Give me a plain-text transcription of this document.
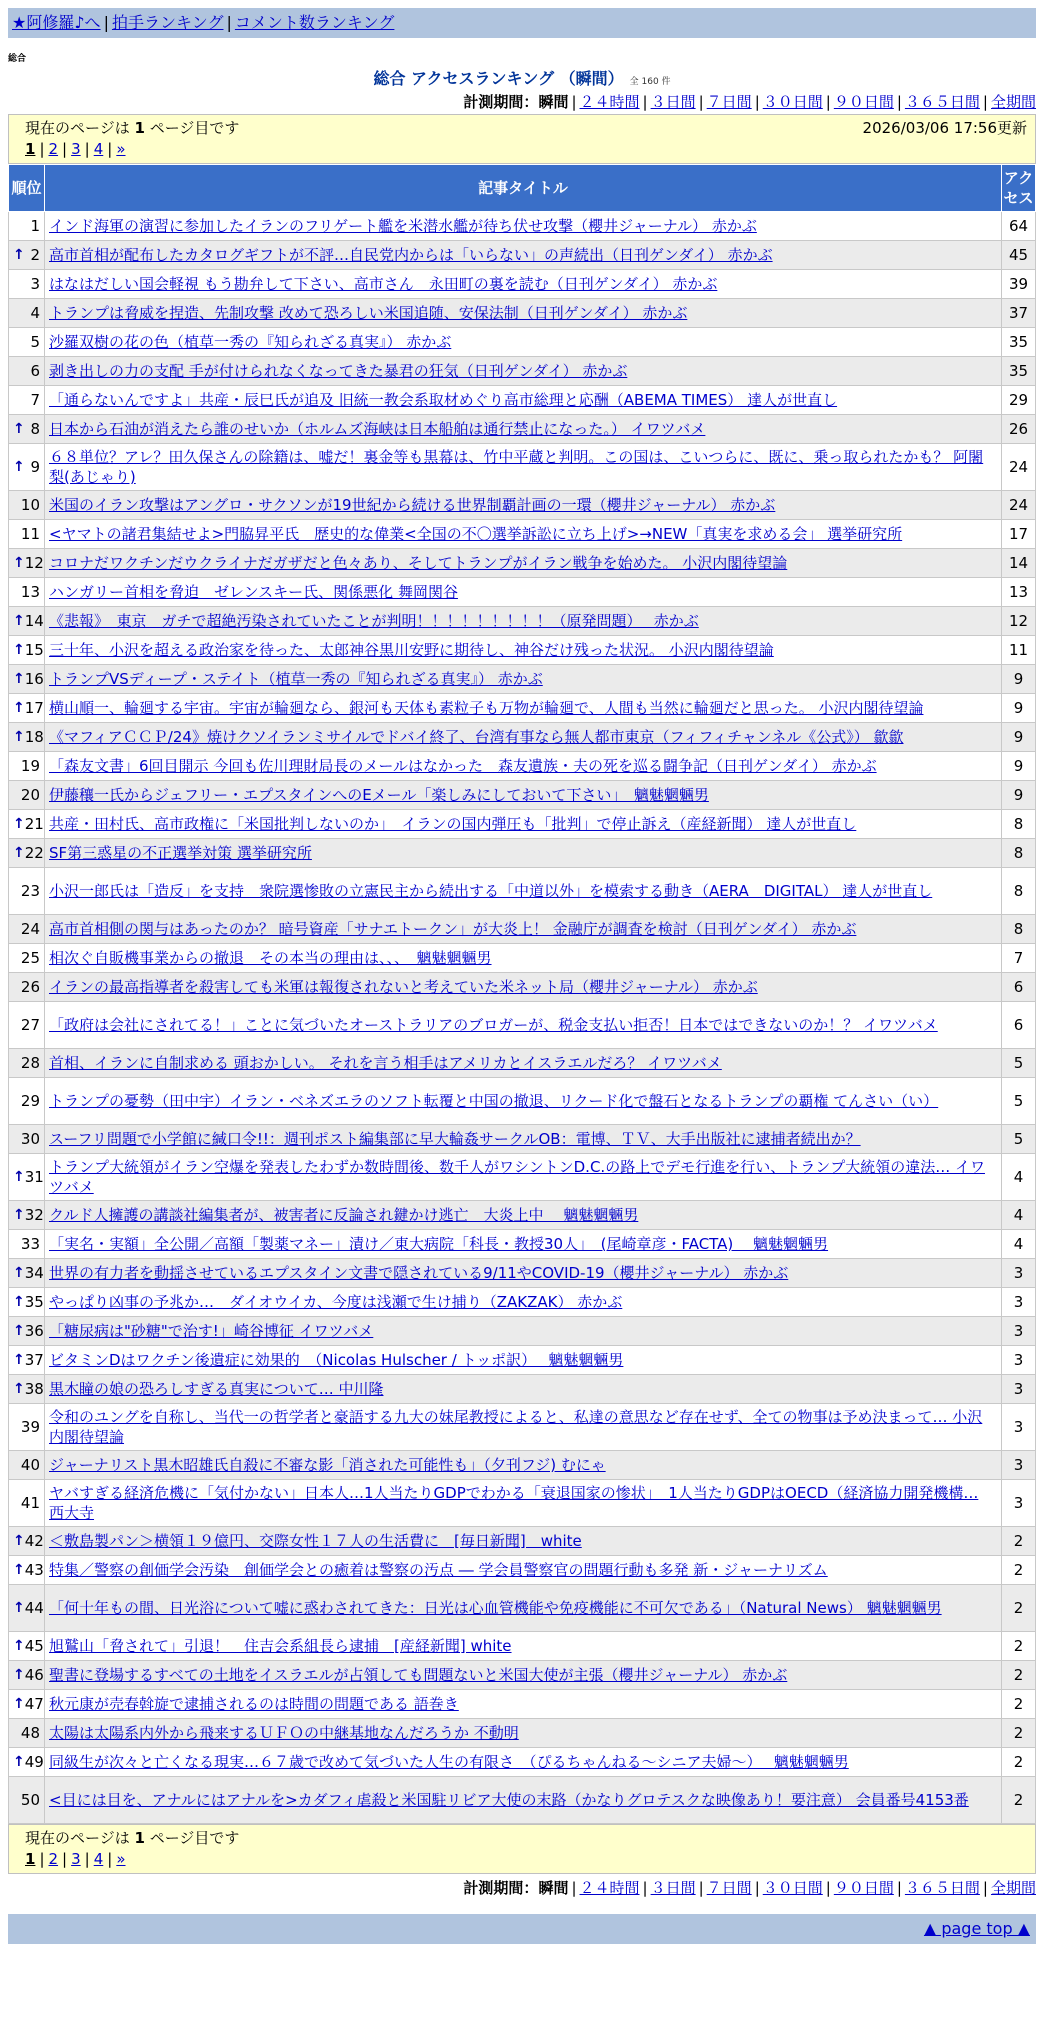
★阿修羅♪へ | 拍手ランキング | コメント数ランキング
総合
総合 アクセスランキング （瞬間） 全 160 件
計測期間：瞬間 | ２４時間 | ３日間 | ７日間 | ３０日間 | ９０日間 | ３６５日間 | 全期間
現在のページは 1 ページ目です	2026/03/06 17:56更新
1 | 2 | 3 | 4 | »
順位	記事タイトル	アクセス
1	インド海軍の演習に参加したイランのフリゲート艦を米潜水艦が待ち伏せ攻撃（櫻井ジャーナル） 赤かぶ	64

↑ 2	高市首相が配布したカタログギフトが不評…自民党内からは「いらない」の声続出（日刊ゲンダイ） 赤かぶ	45
3	はなはだしい国会軽視 もう勘弁して下さい、高市さん　永田町の裏を読む（日刊ゲンダイ） 赤かぶ	39
4	トランプは脅威を捏造、先制攻撃 改めて恐ろしい米国追随、安保法制（日刊ゲンダイ） 赤かぶ	37
5	沙羅双樹の花の色（植草一秀の『知られざる真実』） 赤かぶ	35
6	剥き出しの力の支配 手が付けられなくなってきた暴君の狂気（日刊ゲンダイ） 赤かぶ	35
7	「通らないんですよ」共産・辰巳氏が追及 旧統一教会系取材めぐり高市総理と応酬（ABEMA TIMES） 達人が世直し	29

↑ 8	日本から石油が消えたら誰のせいか（ホルムズ海峡は日本船舶は通行禁止になった。） イワツバメ	26

↑ 9	６８単位？アレ？田久保さんの除籍は、嘘だ！裏金等も黒幕は、竹中平蔵と判明。この国は、こいつらに、既に、乗っ取られたかも？ 阿闍梨(あじゃり)	24
10	米国のイラン攻撃はアングロ・サクソンが19世紀から続ける世界制覇計画の一環（櫻井ジャーナル） 赤かぶ	24
11	<ヤマトの諸君集結せよ>門脇昇平氏　歴史的な偉業<全国の不〇選挙訴訟に立ち上げ>→NEW「真実を求める会」 選挙研究所	17

↑ 12	コロナだワクチンだウクライナだガザだと色々あり、そしてトランプがイラン戦争を始めた。 小沢内閣待望論	14
13	ハンガリー首相を脅迫　ゼレンスキー氏、関係悪化 舞岡関谷	13

↑ 14	《悲報》　東京　ガチで超絶汚染されていたことが判明！！！！！！！！！（原発問題）　 赤かぶ	12

↑ 15	三十年、小沢を超える政治家を待った、太郎神谷黒川安野に期待し、神谷だけ残った状況。 小沢内閣待望論	11

↑ 16	トランプVSディープ・ステイト（植草一秀の『知られざる真実』） 赤かぶ	9

↑ 17	横山順一、輪廻する宇宙。宇宙が輪廻なら、銀河も天体も素粒子も万物が輪廻で、人間も当然に輪廻だと思った。 小沢内閣待望論	9

↑ 18	《マフィアＣＣＰ/24》焼けクソイランミサイルでドバイ終了、台湾有事なら無人都市東京（フィフィチャンネル《公式》） 歙歙	9
19	「森友文書」6回目開示 今回も佐川理財局長のメールはなかった　森友遺族・夫の死を巡る闘争記（日刊ゲンダイ） 赤かぶ	9
20	伊藤穰一氏からジェフリー・エプスタインへのEメール「楽しみにしておいて下さい」　魑魅魍魎男	9

↑ 21	共産・田村氏、高市政権に「米国批判しないのか」　イランの国内弾圧も「批判」で停止訴え（産経新聞） 達人が世直し	8

↑ 22	SF第三惑星の不正選挙対策 選挙研究所	8
23	小沢一郎氏は「造反」を支持　衆院選惨敗の立憲民主から続出する「中道以外」を模索する動き（AERA　DIGITAL） 達人が世直し	8
24	高市首相側の関与はあったのか？ 暗号資産「サナエトークン」が大炎上！ 金融庁が調査を検討（日刊ゲンダイ） 赤かぶ	8
25	相次ぐ自販機事業からの撤退　その本当の理由は、、、　魑魅魍魎男	7
26	イランの最高指導者を殺害しても米軍は報復されないと考えていた米ネット局（櫻井ジャーナル） 赤かぶ	6
27	「政府は会社にされてる！」ことに気づいたオーストラリアのブロガーが、税金支払い拒否！日本ではできないのか！？ イワツバメ	6
28	首相、イランに自制求める 頭おかしい。 それを言う相手はアメリカとイスラエルだろ？ イワツバメ	5
29	トランプの憂勢（田中宇）イラン・ベネズエラのソフト転覆と中国の撤退、リクード化で盤石となるトランプの覇権 てんさい（い）	5
30	スーフリ問題で小学館に緘口令!!：週刊ポスト編集部に早大輪姦サークルOB：電博、ＴＶ、大手出版社に逮捕者続出か？	5

↑ 31	トランプ大統領がイラン空爆を発表したわずか数時間後、数千人がワシントンD.C.の路上でデモ行進を行い、トランプ大統領の違法… イワツバメ	4

↑ 32	クルド人擁護の講談社編集者が、被害者に反論され鍵かけ逃亡　大炎上中　 魑魅魍魎男	4
33	「実名・実額」全公開／高額「製薬マネー」漬け／東大病院「科長・教授30人」　(尾崎章彦・FACTA)　 魑魅魍魎男	4

↑ 34	世界の有力者を動揺させているエプスタイン文書で隠されている9/11やCOVID-19（櫻井ジャーナル） 赤かぶ	3

↑ 35	やっぱり凶事の予兆か…　ダイオウイカ、今度は浅瀬で生け捕り（ZAKZAK） 赤かぶ	3

↑ 36	「糖尿病は"砂糖"で治す!」崎谷博征 イワツバメ	3

↑ 37	ビタミンDはワクチン後遺症に効果的　（Nicolas Hulscher / トッポ訳）　 魑魅魍魎男	3

↑ 38	黒木瞳の娘の恐ろしすぎる真実について… 中川隆	3
39	令和のユングを自称し、当代一の哲学者と豪語する九大の妹尾教授によると、私達の意思など存在せず、全ての物事は予め決まって… 小沢内閣待望論	3
40	ジャーナリスト黒木昭雄氏自殺に不審な影「消された可能性も」（夕刊フジ) むにゃ	3
41	ヤバすぎる経済危機に「気付かない」日本人…1人当たりGDPでわかる「衰退国家の惨状」　1人当たりGDPはOECD（経済協力開発機構… 西大寺	3

↑ 42	＜敷島製パン＞横領１９億円、交際女性１７人の生活費に　[毎日新聞]　white	2

↑ 43	特集／警察の創価学会汚染　創価学会との癒着は警察の汚点 ― 学会員警察官の問題行動も多発 新・ジャーナリズム	2

↑ 44	「何十年もの間、日光浴について嘘に惑わされてきた：日光は心血管機能や免疫機能に不可欠である」（Natural News） 魑魅魍魎男	2

↑ 45	旭鷲山「脅されて」引退！　住吉会系組長ら逮捕　[産経新聞] white	2

↑ 46	聖書に登場するすべての土地をイスラエルが占領しても問題ないと米国大使が主張（櫻井ジャーナル） 赤かぶ	2

↑ 47	秋元康が売春斡旋で逮捕されるのは時間の問題である 語巻き	2
48	太陽は太陽系内外から飛来するＵＦＯの中継基地なんだろうか 不動明	2

↑ 49	同級生が次々と亡くなる現実…６７歳で改めて気づいた人生の有限さ　（ぴるちゃんねる～シニア夫婦～）　 魑魅魍魎男	2
50	<目には目を、アナルにはアナルを>カダフィ虐殺と米国駐リビア大使の末路（かなりグロテスクな映像あり！要注意） 会員番号4153番	2
現在のページは 1 ページ目です
1 | 2 | 3 | 4 | »
計測期間：瞬間 | ２４時間 | ３日間 | ７日間 | ３０日間 | ９０日間 | ３６５日間 | 全期間
▲ page top ▲
